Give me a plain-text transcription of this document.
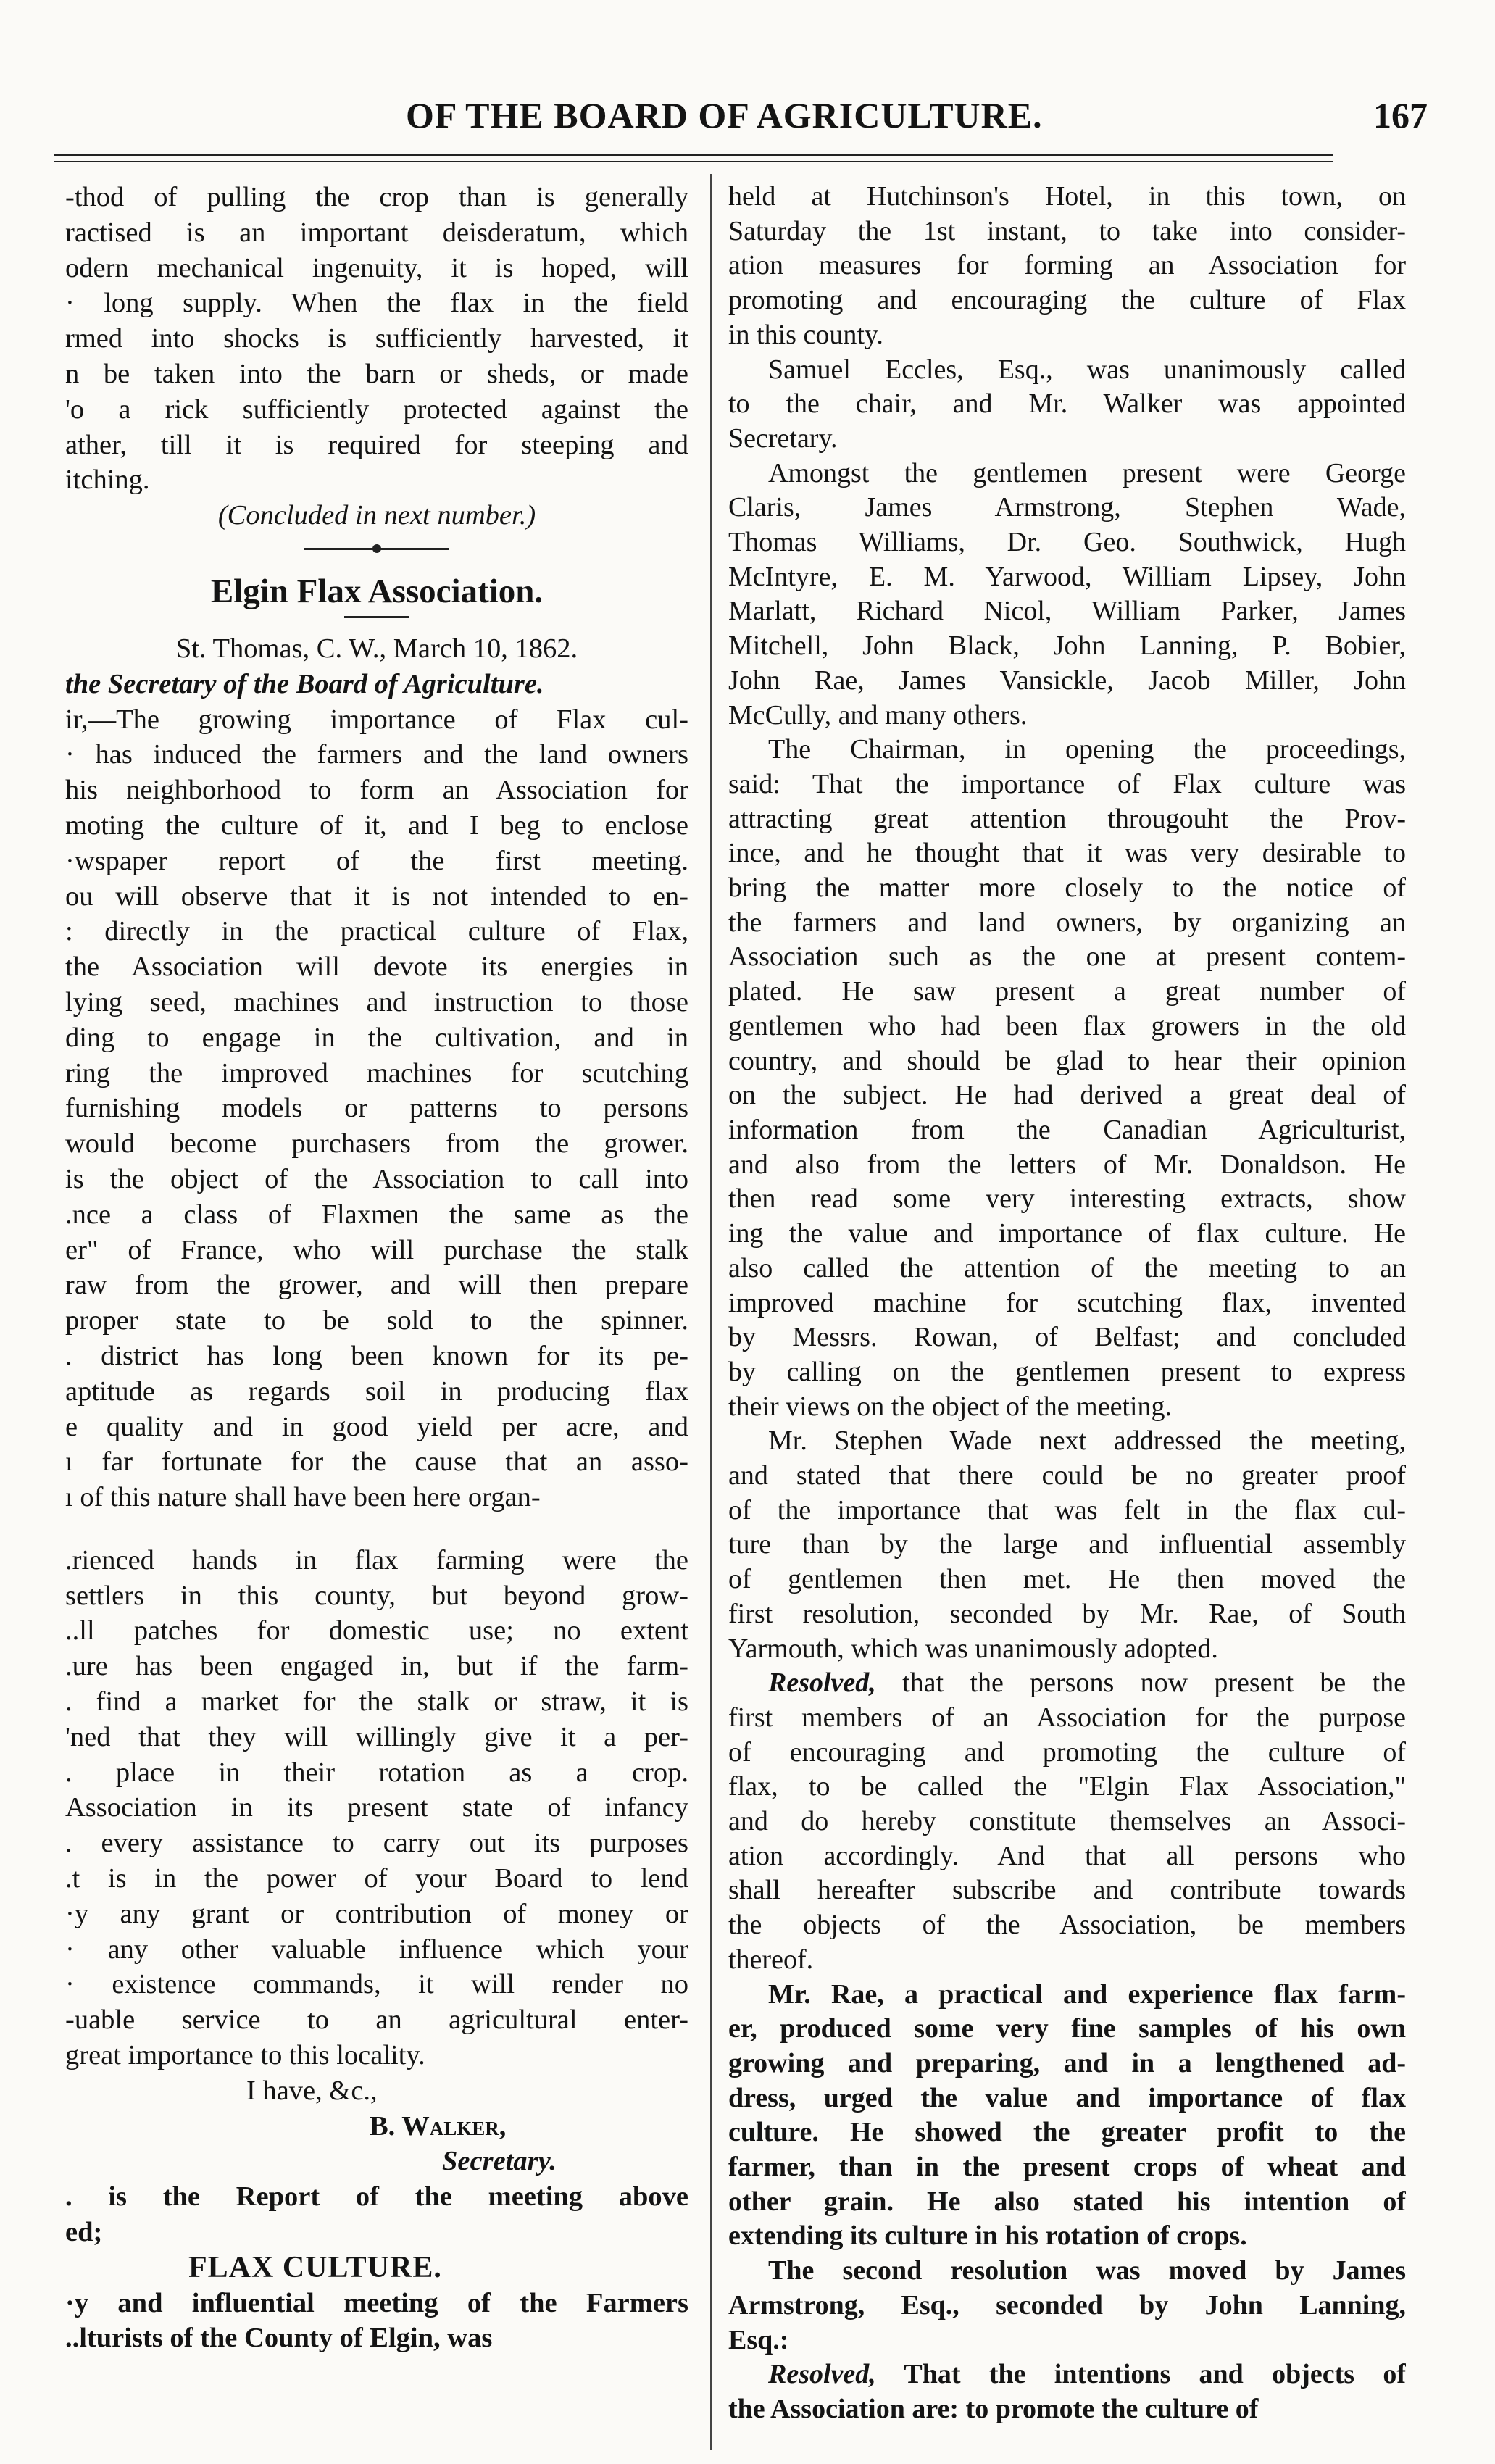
OF THE BOARD OF AGRICULTURE.	167

-thod of pulling the crop than is generally
ractised is an important deisderatum, which
odern mechanical ingenuity, it is hoped, will
· long supply. When the flax in the field
rmed into shocks is sufficiently harvested, it
n be taken into the barn or sheds, or made
'o a rick sufficiently protected against the
ather, till it is required for steeping and
itching.

(Concluded in next number.)

Elgin Flax Association.

St. Thomas, C. W., March 10, 1862.

the Secretary of the Board of Agriculture.

ir,—The growing importance of Flax cul-
· has induced the farmers and the land owners
his neighborhood to form an Association for
moting the culture of it, and I beg to enclose
·wspaper report of the first meeting.
ou will observe that it is not intended to en-
: directly in the practical culture of Flax,
the Association will devote its energies in
lying seed, machines and instruction to those
ding to engage in the cultivation, and in
ring the improved machines for scutching
furnishing models or patterns to persons
would become purchasers from the grower.
is the object of the Association to call into
.nce a class of Flaxmen the same as the
er" of France, who will purchase the stalk
raw from the grower, and will then prepare
proper state to be sold to the spinner.
. district has long been known for its pe-
aptitude as regards soil in producing flax
e quality and in good yield per acre, and
ı far fortunate for the cause that an asso-
ı of this nature shall have been here organ-

.rienced hands in flax farming were the
settlers in this county, but beyond grow-
..ll patches for domestic use; no extent
.ure has been engaged in, but if the farm-
. find a market for the stalk or straw, it is
'ned that they will willingly give it a per-
. place in their rotation as a crop.
Association in its present state of infancy
. every assistance to carry out its purposes
.t is in the power of your Board to lend
·y any grant or contribution of money or
· any other valuable influence which your
· existence commands, it will render no
-uable service to an agricultural enter-
great importance to this locality.

I have, &c.,
B. Walker,
Secretary.

. is the Report of the meeting above
ed;

FLAX CULTURE.

·y and influential meeting of the Farmers
..lturists of the County of Elgin, was

held at Hutchinson's Hotel, in this town, on
Saturday the 1st instant, to take into consider-
ation measures for forming an Association for
promoting and encouraging the culture of Flax
in this county.

Samuel Eccles, Esq., was unanimously called
to the chair, and Mr. Walker was appointed
Secretary.

Amongst the gentlemen present were George
Claris, James Armstrong, Stephen Wade,
Thomas Williams, Dr. Geo. Southwick, Hugh
McIntyre, E. M. Yarwood, William Lipsey, John
Marlatt, Richard Nicol, William Parker, James
Mitchell, John Black, John Lanning, P. Bobier,
John Rae, James Vansickle, Jacob Miller, John
McCully, and many others.

The Chairman, in opening the proceedings,
said: That the importance of Flax culture was
attracting great attention througouht the Prov-
ince, and he thought that it was very desirable to
bring the matter more closely to the notice of
the farmers and land owners, by organizing an
Association such as the one at present contem-
plated. He saw present a great number of
gentlemen who had been flax growers in the old
country, and should be glad to hear their opinion
on the subject. He had derived a great deal of
information from the Canadian Agriculturist,
and also from the letters of Mr. Donaldson. He
then read some very interesting extracts, show
ing the value and importance of flax culture. He
also called the attention of the meeting to an
improved machine for scutching flax, invented
by Messrs. Rowan, of Belfast; and concluded
by calling on the gentlemen present to express
their views on the object of the meeting.

Mr. Stephen Wade next addressed the meeting,
and stated that there could be no greater proof
of the importance that was felt in the flax cul-
ture than by the large and influential assembly
of gentlemen then met. He then moved the
first resolution, seconded by Mr. Rae, of South
Yarmouth, which was unanimously adopted.

Resolved, that the persons now present be the
first members of an Association for the purpose
of encouraging and promoting the culture of
flax, to be called the "Elgin Flax Association,"
and do hereby constitute themselves an Associ-
ation accordingly. And that all persons who
shall hereafter subscribe and contribute towards
the objects of the Association, be members
thereof.

Mr. Rae, a practical and experience flax farm-
er, produced some very fine samples of his own
growing and preparing, and in a lengthened ad-
dress, urged the value and importance of flax
culture. He showed the greater profit to the
farmer, than in the present crops of wheat and
other grain. He also stated his intention of
extending its culture in his rotation of crops.

The second resolution was moved by James
Armstrong, Esq., seconded by John Lanning,
Esq.:

Resolved, That the intentions and objects of
the Association are: to promote the culture of
